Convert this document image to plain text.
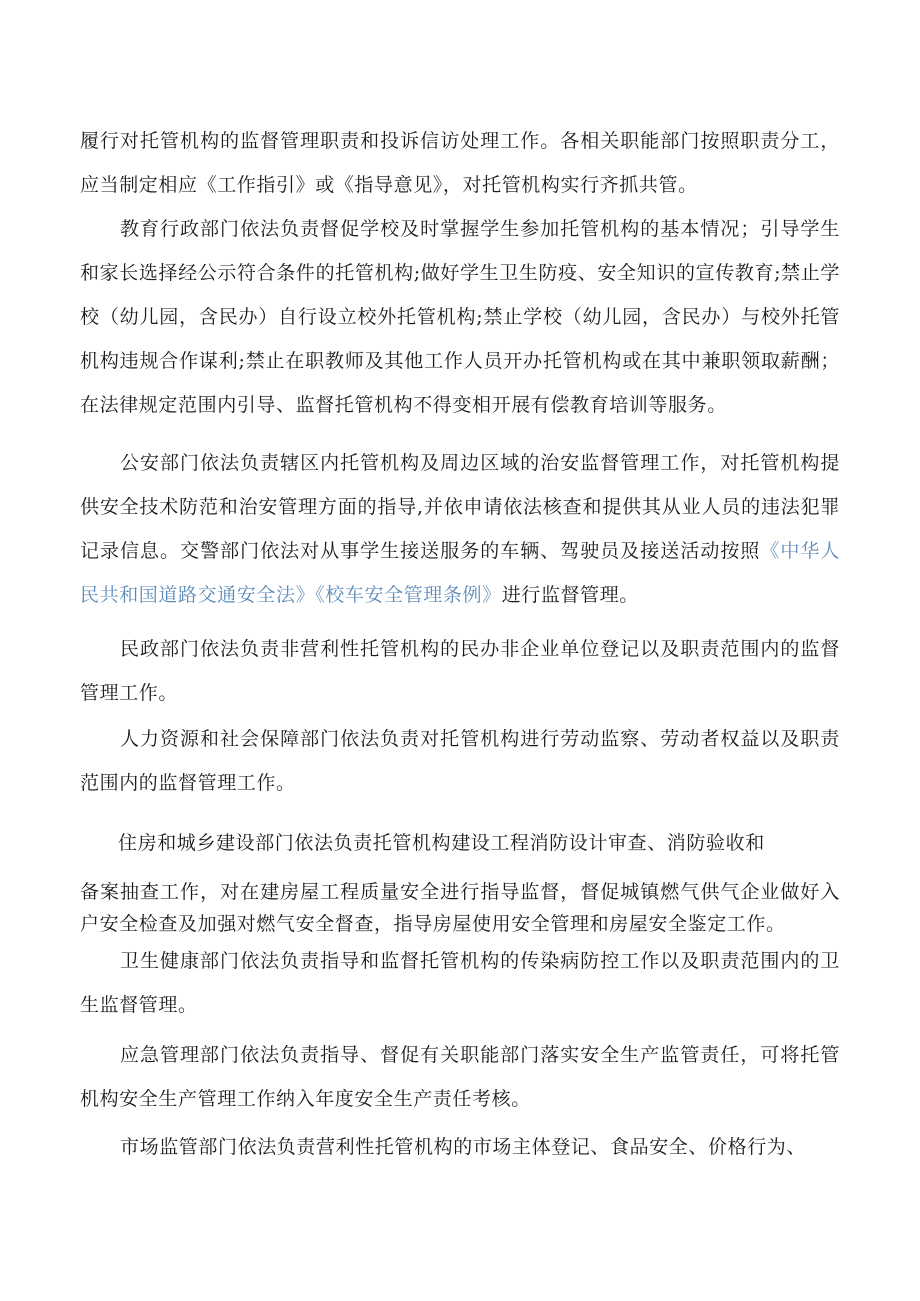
履行对托管机构的监督管理职责和投诉信访处理工作。各相关职能部门按照职责分工，应当制定相应《工作指引》或《指导意见》，对托管机构实行齐抓共管。

教育行政部门依法负责督促学校及时掌握学生参加托管机构的基本情况；引导学生和家长选择经公示符合条件的托管机构;做好学生卫生防疫、安全知识的宣传教育;禁止学校（幼儿园，含民办）自行设立校外托管机构;禁止学校（幼儿园，含民办）与校外托管机构违规合作谋利;禁止在职教师及其他工作人员开办托管机构或在其中兼职领取薪酬；在法律规定范围内引导、监督托管机构不得变相开展有偿教育培训等服务。

公安部门依法负责辖区内托管机构及周边区域的治安监督管理工作，对托管机构提供安全技术防范和治安管理方面的指导,并依申请依法核查和提供其从业人员的违法犯罪记录信息。交警部门依法对从事学生接送服务的车辆、驾驶员及接送活动按照《中华人民共和国道路交通安全法》《校车安全管理条例》进行监督管理。

民政部门依法负责非营利性托管机构的民办非企业单位登记以及职责范围内的监督管理工作。

人力资源和社会保障部门依法负责对托管机构进行劳动监察、劳动者权益以及职责范围内的监督管理工作。

住房和城乡建设部门依法负责托管机构建设工程消防设计审查、消防验收和

备案抽查工作，对在建房屋工程质量安全进行指导监督，督促城镇燃气供气企业做好入户安全检查及加强对燃气安全督查，指导房屋使用安全管理和房屋安全鉴定工作。

卫生健康部门依法负责指导和监督托管机构的传染病防控工作以及职责范围内的卫生监督管理。

应急管理部门依法负责指导、督促有关职能部门落实安全生产监管责任，可将托管机构安全生产管理工作纳入年度安全生产责任考核。

市场监管部门依法负责营利性托管机构的市场主体登记、食品安全、价格行为、
